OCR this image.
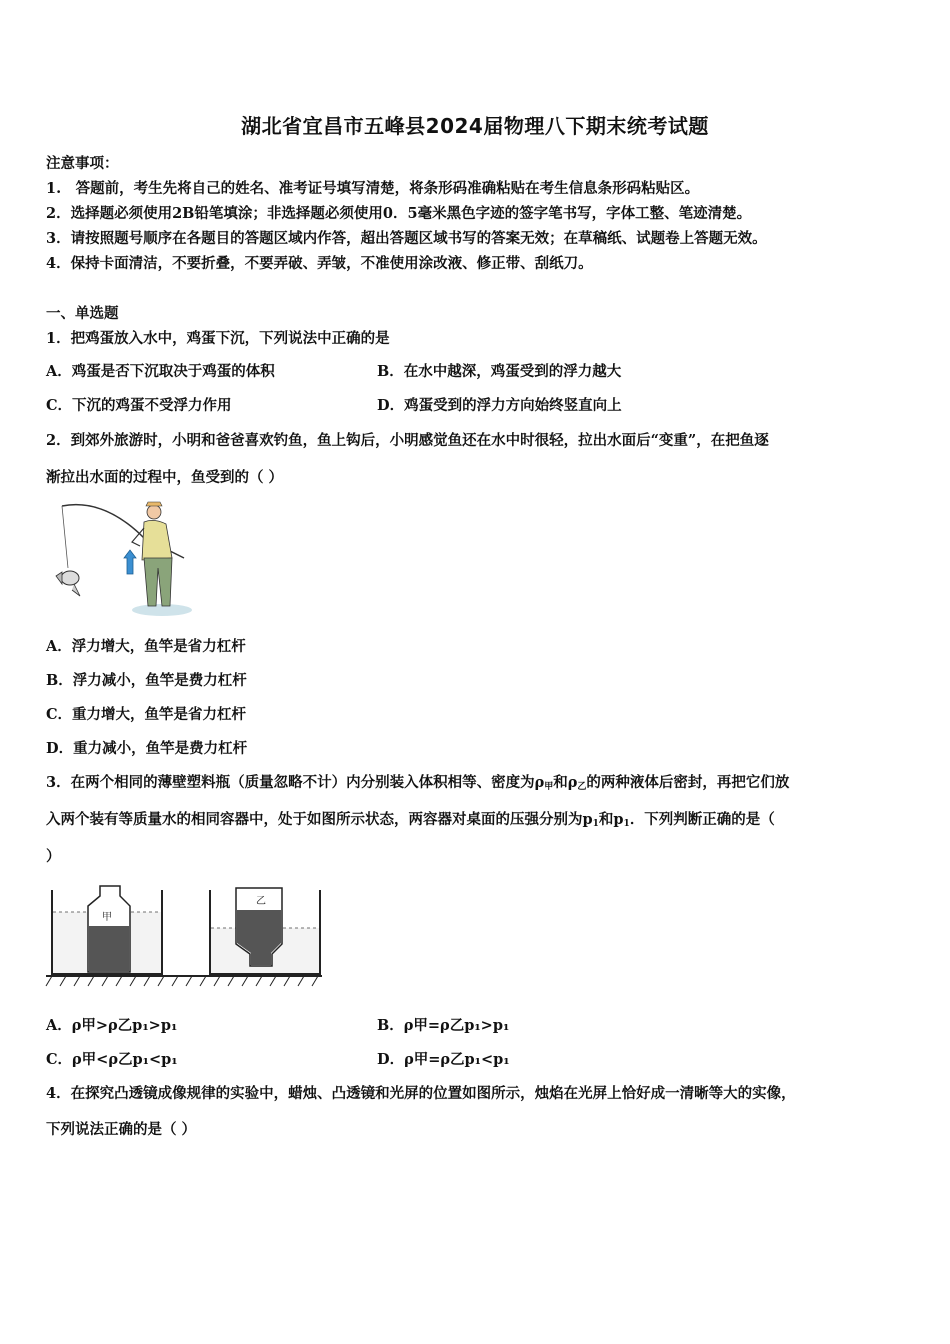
湖北省宜昌市五峰县2024届物理八下期末统考试题
注意事项：
1.　答题前，考生先将自己的姓名、准考证号填写清楚，将条形码准确粘贴在考生信息条形码粘贴区。
2．选择题必须使用2B铅笔填涂；非选择题必须使用0．5毫米黑色字迹的签字笔书写，字体工整、笔迹清楚。
3．请按照题号顺序在各题目的答题区域内作答，超出答题区域书写的答案无效；在草稿纸、试题卷上答题无效。
4．保持卡面清洁，不要折叠，不要弄破、弄皱，不准使用涂改液、修正带、刮纸刀。
一、单选题
1．把鸡蛋放入水中，鸡蛋下沉，下列说法中正确的是
A．鸡蛋是否下沉取决于鸡蛋的体积	B．在水中越深，鸡蛋受到的浮力越大
C．下沉的鸡蛋不受浮力作用	D．鸡蛋受到的浮力方向始终竖直向上
2．到郊外旅游时，小明和爸爸喜欢钓鱼，鱼上钩后，小明感觉鱼还在水中时很轻，拉出水面后“变重”，在把鱼逐
渐拉出水面的过程中，鱼受到的（ ）
A．浮力增大，鱼竿是省力杠杆
B．浮力减小，鱼竿是费力杠杆
C．重力增大，鱼竿是省力杠杆
D．重力减小，鱼竿是费力杠杆
3．在两个相同的薄壁塑料瓶（质量忽略不计）内分别装入体积相等、密度为$\rho_甲$和$\rho_乙$的两种液体后密封，再把它们放
入两个装有等质量水的相同容器中，处于如图所示状态，两容器对桌面的压强分别为$p_1$和$p_1$．下列判断正确的是（
）
甲
乙
A．ρ甲>ρ乙p₁>p₁	B．ρ甲=ρ乙p₁>p₁
C．ρ甲<ρ乙p₁<p₁	D．ρ甲=ρ乙p₁<p₁
4．在探究凸透镜成像规律的实验中，蜡烛、凸透镜和光屏的位置如图所示，烛焰在光屏上恰好成一清晰等大的实像，
下列说法正确的是（ ）
